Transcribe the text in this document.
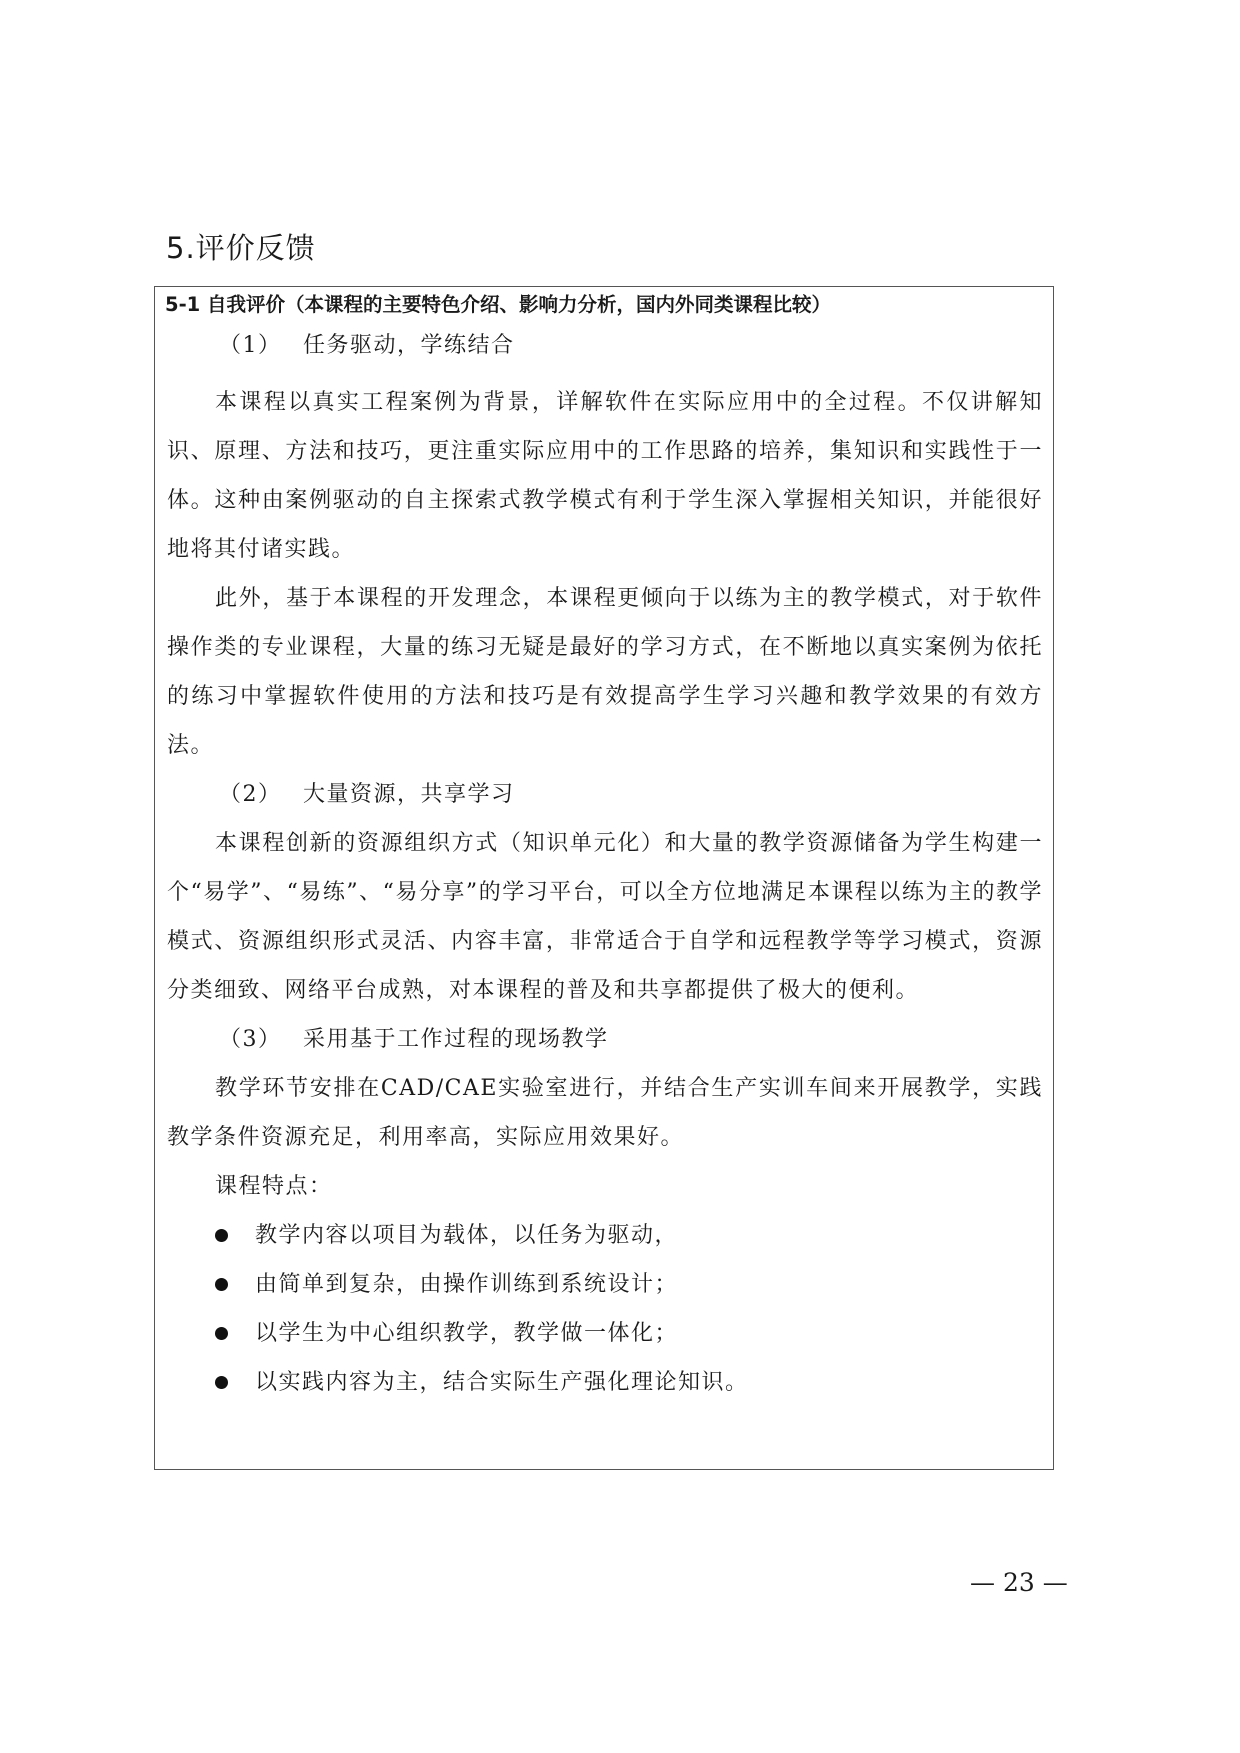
5.评价反馈
5-1 自我评价（本课程的主要特色介绍、影响力分析，国内外同类课程比较）

（1） 任务驱动，学练结合

本课程以真实工程案例为背景，详解软件在实际应用中的全过程。不仅讲解知识、原理、方法和技巧，更注重实际应用中的工作思路的培养，集知识和实践性于一体。这种由案例驱动的自主探索式教学模式有利于学生深入掌握相关知识，并能很好地将其付诸实践。

此外，基于本课程的开发理念，本课程更倾向于以练为主的教学模式，对于软件操作类的专业课程，大量的练习无疑是最好的学习方式，在不断地以真实案例为依托的练习中掌握软件使用的方法和技巧是有效提高学生学习兴趣和教学效果的有效方法。

（2） 大量资源，共享学习

本课程创新的资源组织方式（知识单元化）和大量的教学资源储备为学生构建一个“易学”、“易练”、“易分享”的学习平台，可以全方位地满足本课程以练为主的教学模式、资源组织形式灵活、内容丰富，非常适合于自学和远程教学等学习模式，资源分类细致、网络平台成熟，对本课程的普及和共享都提供了极大的便利。

（3） 采用基于工作过程的现场教学

教学环节安排在CAD/CAE实验室进行，并结合生产实训车间来开展教学，实践教学条件资源充足，利用率高，实际应用效果好。

课程特点：

教学内容以项目为载体，以任务为驱动，
由简单到复杂，由操作训练到系统设计；
以学生为中心组织教学，教学做一体化；
以实践内容为主，结合实际生产强化理论知识。
— 23 —
